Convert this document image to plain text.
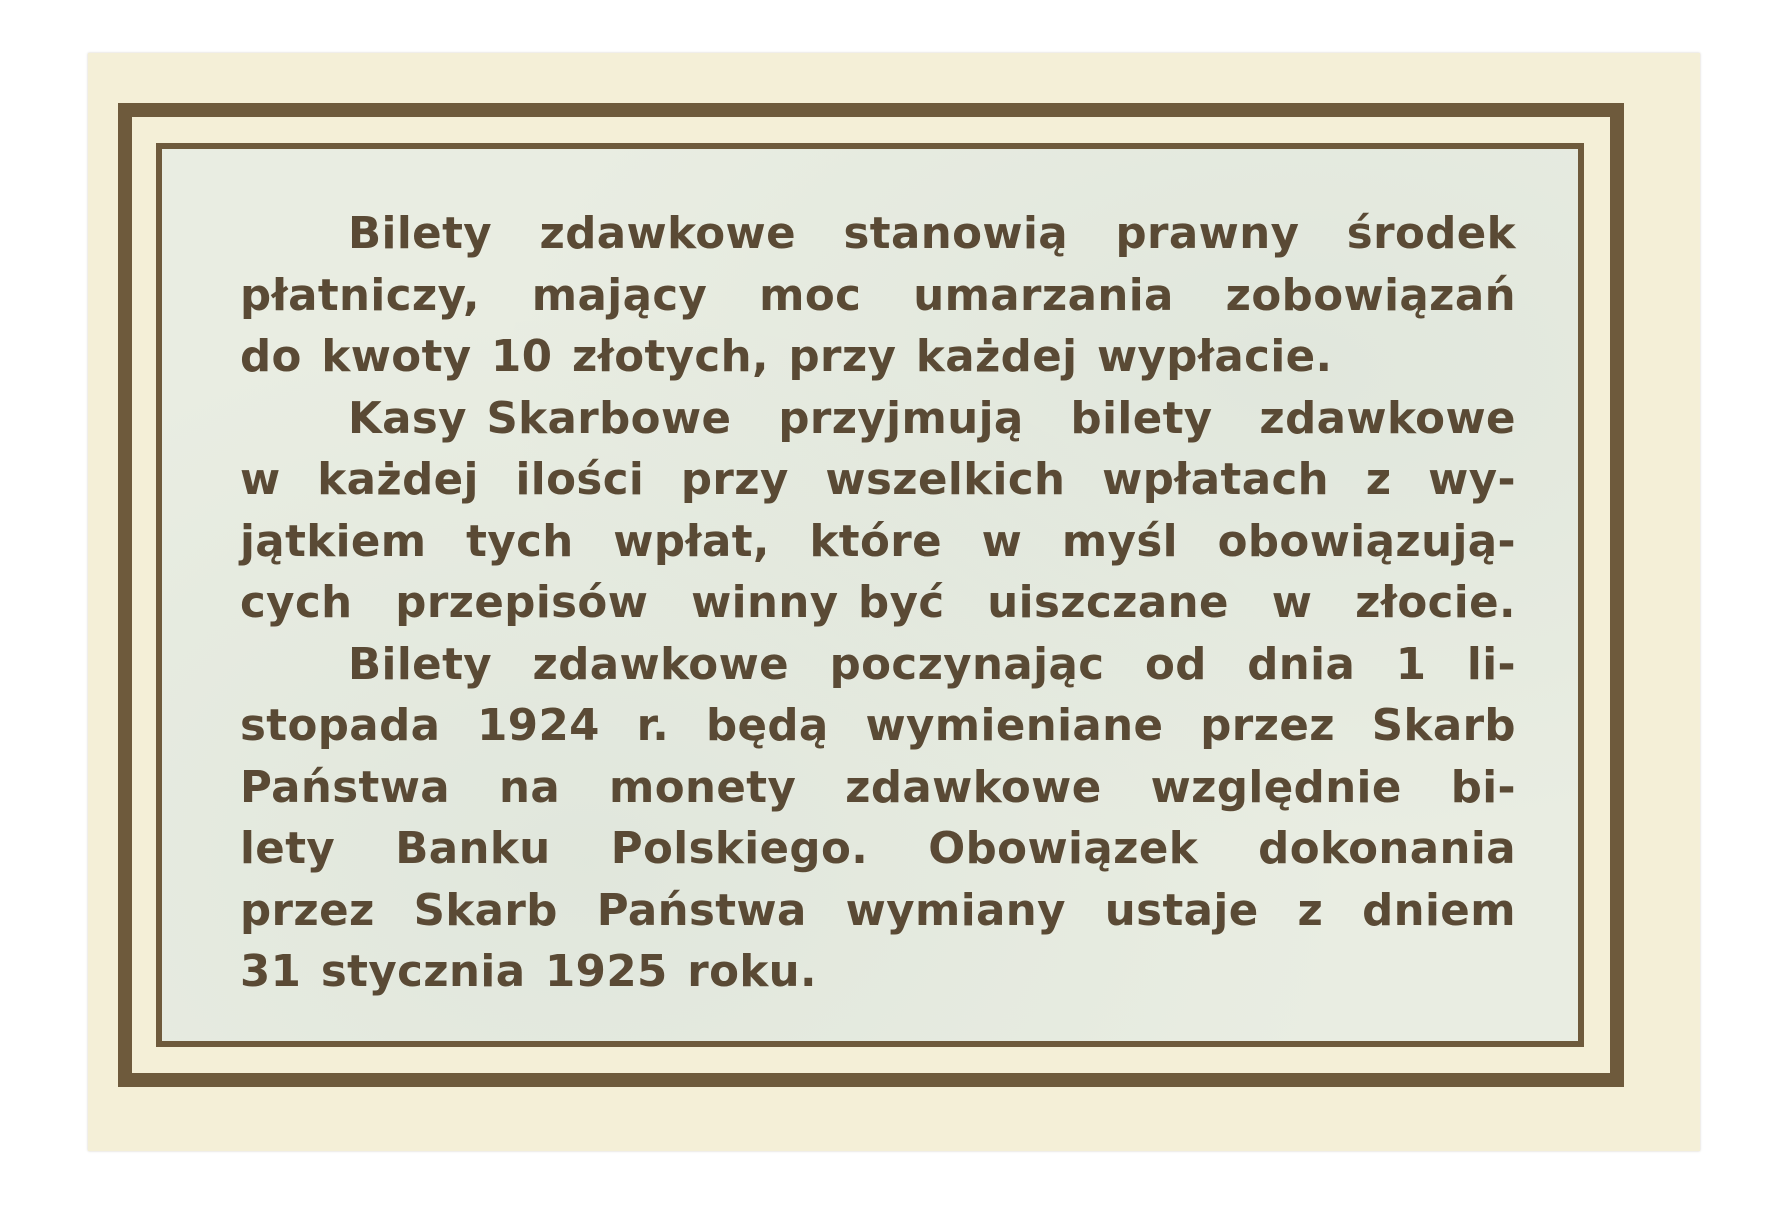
Bilety zdawkowe stanowią prawny środek
płatniczy, mający moc umarzania zobowiązań
do kwoty 10 złotych, przy każdej wypłacie.
Kasy Skarbowe przyjmują bilety zdawkowe
w każdej ilości przy wszelkich wpłatach z wy-
jątkiem tych wpłat, które w myśl obowiązują-
cych przepisów winny być uiszczane w złocie.
Bilety zdawkowe poczynając od dnia 1 li-
stopada 1924 r. będą wymieniane przez Skarb
Państwa na monety zdawkowe względnie bi-
lety Banku Polskiego. Obowiązek dokonania
przez Skarb Państwa wymiany ustaje z dniem
31 stycznia 1925 roku.
